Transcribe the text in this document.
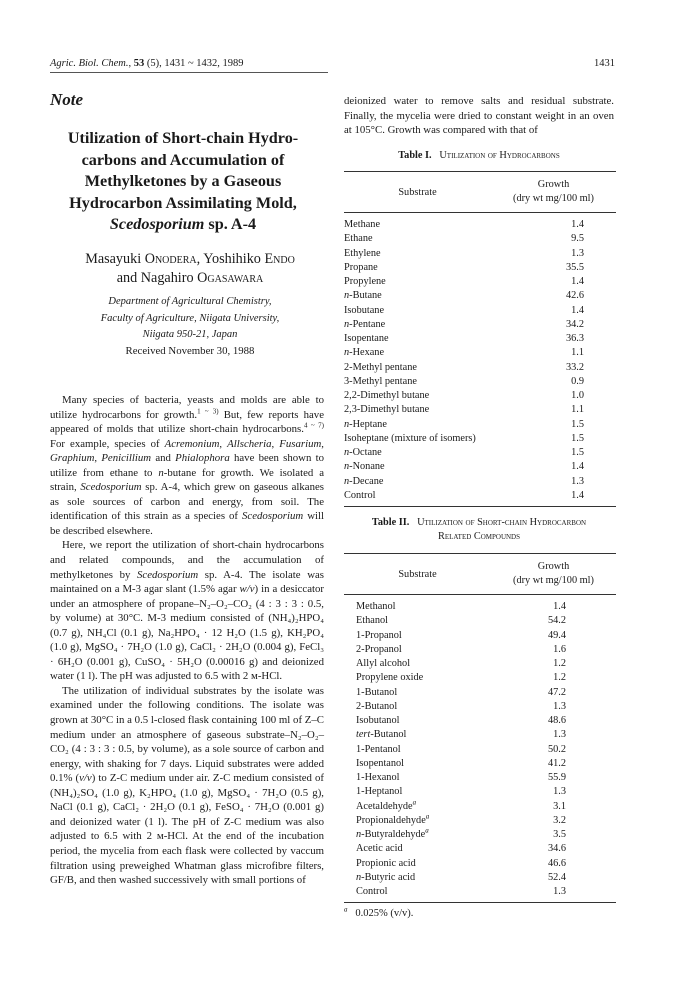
Agric. Biol. Chem., 53 (5), 1431 ~ 1432, 1989	1431
Note
Utilization of Short-chain Hydro-
carbons and Accumulation of
Methylketones by a Gaseous
Hydrocarbon Assimilating Mold,
Scedosporium sp. A-4
Masayuki Onodera, Yoshihiko Endo
and Nagahiro Ogasawara
Department of Agricultural Chemistry,
Faculty of Agriculture, Niigata University,
Niigata 950-21, Japan
Received November 30, 1988

Many species of bacteria, yeasts and molds are able to utilize hydrocarbons for growth.$^{1 \sim 3)}$ But, few reports have appeared of molds that utilize short-chain hydrocarbons.$^{4 \sim 7)}$ For example, species of Acremonium, Allscheria, Fusarium, Graphium, Penicillium and Phialophora have been shown to utilize from ethane to n-butane for growth. We isolated a strain, Scedosporium sp. A-4, which grew on gaseous alkanes as sole sources of carbon and energy, from soil. The identification of this strain as a species of Scedosporium will be described elsewhere.

Here, we report the utilization of short-chain hydrocarbons and related compounds, and the accumulation of methylketones by Scedosporium sp. A-4. The isolate was maintained on a M-3 agar slant (1.5% agar w/v) in a desiccator under an atmosphere of propane–N₂–O₂–CO₂ (4 : 3 : 3 : 0.5, by volume) at 30°C. M-3 medium consisted of (NH₄)₂HPO₄ (0.7 g), NH₄Cl (0.1 g), Na₂HPO₄ · 12 H₂O (1.5 g), KH₂PO₄ (1.0 g), MgSO₄ · 7H₂O (1.0 g), CaCl₂ · 2H₂O (0.004 g), FeCl₃ · 6H₂O (0.001 g), CuSO₄ · 5H₂O (0.00016 g) and deionized water (1 l). The pH was adjusted to 6.5 with 2 м-HCl.

The utilization of individual substrates by the isolate was examined under the following conditions. The isolate was grown at 30°C in a 0.5 l-closed flask containing 100 ml of Z–C medium under an atmosphere of gaseous substrate–N₂–O₂–CO₂ (4 : 3 : 3 : 0.5, by volume), as a sole source of carbon and energy, with shaking for 7 days. Liquid substrates were added 0.1% (v/v) to Z-C medium under air. Z-C medium consisted of (NH₄)₂SO₄ (1.0 g), K₂HPO₄ (1.0 g), MgSO₄ · 7H₂O (0.5 g), NaCl (0.1 g), CaCl₂ · 2H₂O (0.1 g), FeSO₄ · 7H₂O (0.001 g) and deionized water (1 l). The pH of Z-C medium was also adjusted to 6.5 with 2 м-HCl. At the end of the incubation period, the mycelia from each flask were collected by vaccum filtration using preweighed Whatman glass microfibre filters, GF/B, and then washed successively with small portions of

deionized water to remove salts and residual substrate. Finally, the mycelia were dried to constant weight in an oven at 105°C. Growth was compared with that of
Table I. Utilization of Hydrocarbons
Substrate
Growth
(dry wt mg/100 ml)
Methane	1.4
Ethane	9.5
Ethylene	1.3
Propane	35.5
Propylene	1.4
n-Butane	42.6
Isobutane	1.4
n-Pentane	34.2
Isopentane	36.3
n-Hexane	1.1
2-Methyl pentane	33.2
3-Methyl pentane	0.9
2,2-Dimethyl butane	1.0
2,3-Dimethyl butane	1.1
n-Heptane	1.5
Isoheptane (mixture of isomers)	1.5
n-Octane	1.5
n-Nonane	1.4
n-Decane	1.3
Control	1.4
Table II. Utilization of Short-chain Hydrocarbon
Related Compounds
Substrate
Growth
(dry wt mg/100 ml)
Methanol	1.4
Ethanol	54.2
1-Propanol	49.4
2-Propanol	1.6
Allyl alcohol	1.2
Propylene oxide	1.2
1-Butanol	47.2
2-Butanol	1.3
Isobutanol	48.6
tert-Butanol	1.3
1-Pentanol	50.2
Isopentanol	41.2
1-Hexanol	55.9
1-Heptanol	1.3
Acetaldehyde$^a$	3.1
Propionaldehyde$^a$	3.2
n-Butyraldehyde$^a$	3.5
Acetic acid	34.6
Propionic acid	46.6
n-Butyric acid	52.4
Control	1.3
$^a$ 0.025% (v/v).
